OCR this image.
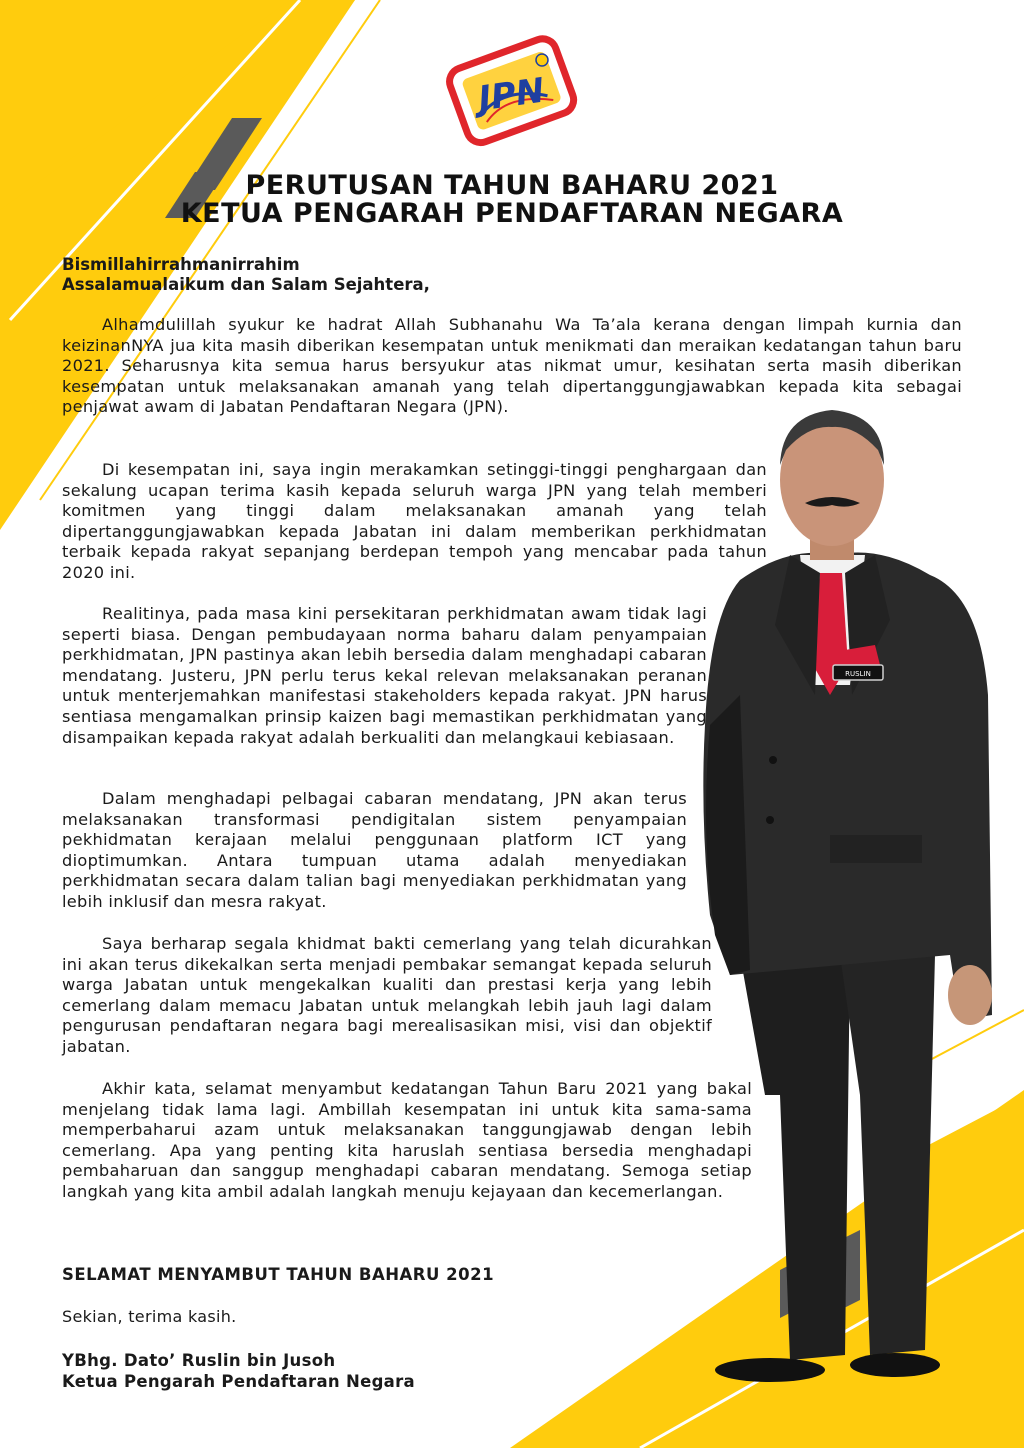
JPN
PERUTUSAN TAHUN BAHARU 2021
KETUA PENGARAH PENDAFTARAN NEGARA
Bismillahirrahmanirrahim
Assalamualaikum dan Salam Sejahtera,

Alhamdulillah syukur ke hadrat Allah Subhanahu Wa Ta’ala kerana dengan limpah kurnia dan keizinanNYA jua kita masih diberikan kesempatan untuk menikmati dan meraikan kedatangan tahun baru 2021. Seharusnya kita semua harus bersyukur atas nikmat umur, kesihatan serta masih diberikan kesempatan untuk melaksanakan amanah yang telah dipertanggungjawabkan kepada kita sebagai penjawat awam di Jabatan Pendaftaran Negara (JPN).

Di kesempatan ini, saya ingin merakamkan setinggi-tinggi penghargaan dan sekalung ucapan terima kasih kepada seluruh warga JPN yang telah memberi komitmen yang tinggi dalam melaksanakan amanah yang telah dipertanggungjawabkan kepada Jabatan ini dalam memberikan perkhidmatan terbaik kepada rakyat sepanjang berdepan tempoh yang mencabar pada tahun 2020 ini.

Realitinya, pada masa kini persekitaran perkhidmatan awam tidak lagi seperti biasa. Dengan pembudayaan norma baharu dalam penyampaian perkhidmatan, JPN pastinya akan lebih bersedia dalam menghadapi cabaran mendatang. Justeru, JPN perlu terus kekal relevan melaksanakan peranan untuk menterjemahkan manifestasi stakeholders kepada rakyat. JPN harus sentiasa mengamalkan prinsip kaizen bagi memastikan perkhidmatan yang disampaikan kepada rakyat adalah berkualiti dan melangkaui kebiasaan.

Dalam menghadapi pelbagai cabaran mendatang, JPN akan terus melaksanakan transformasi pendigitalan sistem penyampaian pekhidmatan kerajaan melalui penggunaan platform ICT yang dioptimumkan. Antara tumpuan utama adalah menyediakan perkhidmatan secara dalam talian bagi menyediakan perkhidmatan yang lebih inklusif dan mesra rakyat.

Saya berharap segala khidmat bakti cemerlang yang telah dicurahkan ini akan terus dikekalkan serta menjadi pembakar semangat kepada seluruh warga Jabatan untuk mengekalkan kualiti dan prestasi kerja yang lebih cemerlang dalam memacu Jabatan untuk melangkah lebih jauh lagi dalam pengurusan pendaftaran negara bagi merealisasikan misi, visi dan objektif jabatan.

Akhir kata, selamat menyambut kedatangan Tahun Baru 2021 yang bakal menjelang tidak lama lagi. Ambillah kesempatan ini untuk kita sama-sama memperbaharui azam untuk melaksanakan tanggungjawab dengan lebih cemerlang. Apa yang penting kita haruslah sentiasa bersedia menghadapi pembaharuan dan sanggup menghadapi cabaran mendatang. Semoga setiap langkah yang kita ambil adalah langkah menuju kejayaan dan kecemerlangan.

SELAMAT MENYAMBUT TAHUN BAHARU 2021
Sekian, terima kasih.
YBhg. Dato’ Ruslin bin Jusoh
Ketua Pengarah Pendaftaran Negara
RUSLIN
